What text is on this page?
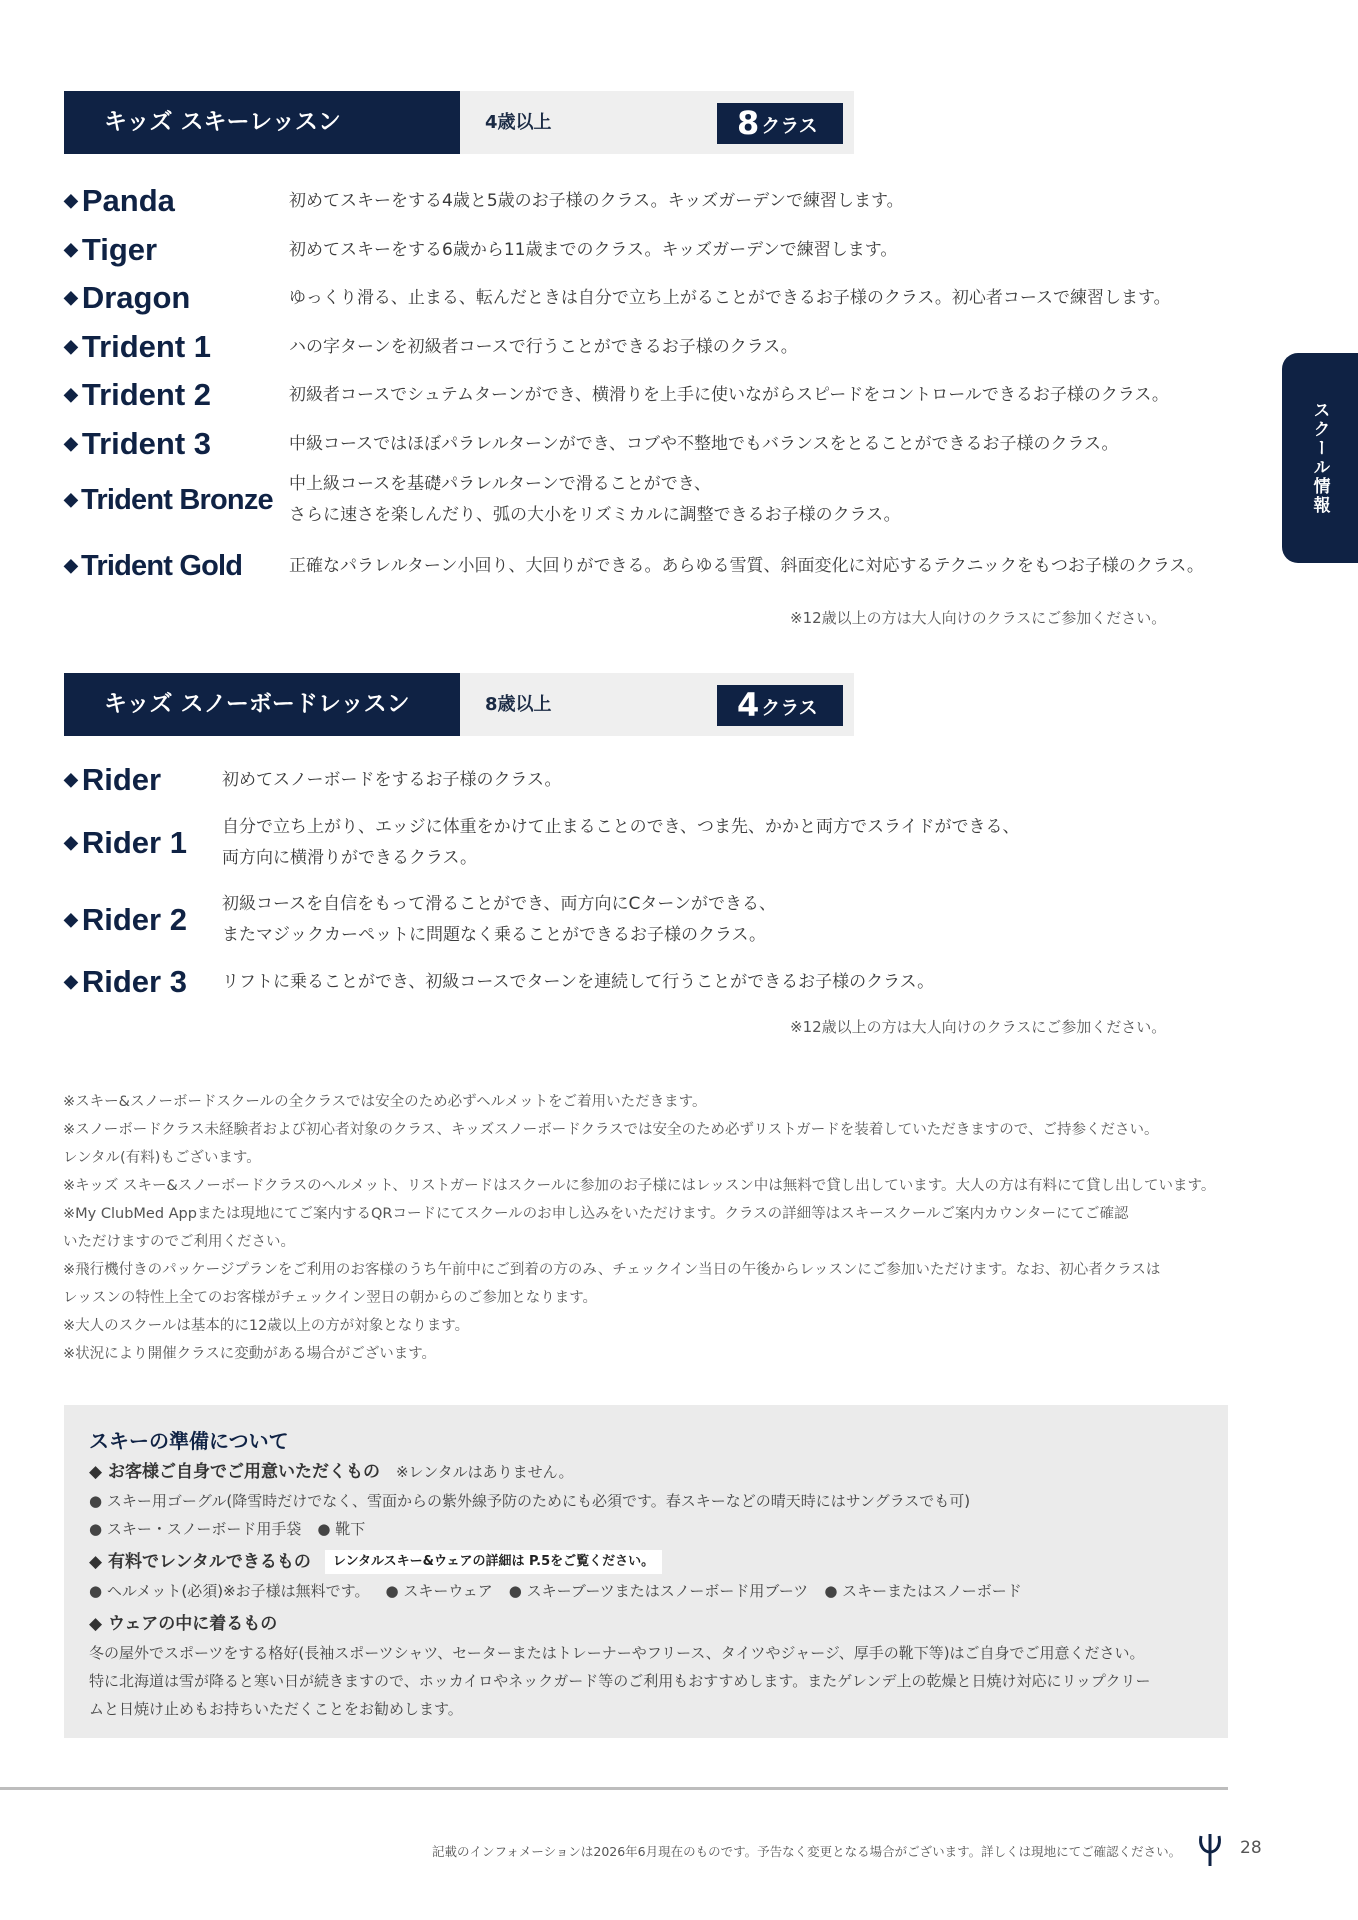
キッズ スキーレッスン	4歳以上	8 クラス
◆ Panda	初めてスキーをする4歳と5歳のお子様のクラス。キッズガーデンで練習します。
◆ Tiger	初めてスキーをする6歳から11歳までのクラス。キッズガーデンで練習します。
◆ Dragon	ゆっくり滑る、止まる、転んだときは自分で立ち上がることができるお子様のクラス。初心者コースで練習します。
◆ Trident 1	ハの字ターンを初級者コースで行うことができるお子様のクラス。
◆ Trident 2	初級者コースでシュテムターンができ、横滑りを上手に使いながらスピードをコントロールできるお子様のクラス。
◆ Trident 3	中級コースではほぼパラレルターンができ、コブや不整地でもバランスをとることができるお子様のクラス。
◆ Trident Bronze 中上級コースを基礎パラレルターンで滑ることができ、
さらに速さを楽しんだり、弧の大小をリズミカルに調整できるお子様のクラス。
◆ Trident Gold	正確なパラレルターン小回り、大回りができる。あらゆる雪質、斜面変化に対応するテクニックをもつお子様のクラス。
※12歳以上の方は大人向けのクラスにご参加ください。
キッズ スノーボードレッスン	8歳以上	4 クラス
◆ Rider	初めてスノーボードをするお子様のクラス。
◆ Rider 1 自分で立ち上がり、エッジに体重をかけて止まることのでき、つま先、かかと両方でスライドができる、
両方向に横滑りができるクラス。
◆ Rider 2 初級コースを自信をもって滑ることができ、両方向にCターンができる、
またマジックカーペットに問題なく乗ることができるお子様のクラス。
◆ Rider 3 リフトに乗ることができ、初級コースでターンを連続して行うことができるお子様のクラス。
※12歳以上の方は大人向けのクラスにご参加ください。
※スキー&スノーボードスクールの全クラスでは安全のため必ずヘルメットをご着用いただきます。
※スノーボードクラス未経験者および初心者対象のクラス、キッズスノーボードクラスでは安全のため必ずリストガードを装着していただきますので、ご持参ください。
レンタル(有料)もございます。
※キッズ スキー&スノーボードクラスのヘルメット、リストガードはスクールに参加のお子様にはレッスン中は無料で貸し出しています。大人の方は有料にて貸し出しています。
※My ClubMed Appまたは現地にてご案内するQRコードにてスクールのお申し込みをいただけます。クラスの詳細等はスキースクールご案内カウンターにてご確認
いただけますのでご利用ください。
※飛行機付きのパッケージプランをご利用のお客様のうち午前中にご到着の方のみ、チェックイン当日の午後からレッスンにご参加いただけます。なお、初心者クラスは
レッスンの特性上全てのお客様がチェックイン翌日の朝からのご参加となります。
※大人のスクールは基本的に12歳以上の方が対象となります。
※状況により開催クラスに変動がある場合がございます。
スキーの準備について
◆ お客様ご自身でご用意いただくもの ※レンタルはありません。
● スキー用ゴーグル(降雪時だけでなく、雪面からの紫外線予防のためにも必須です。春スキーなどの晴天時にはサングラスでも可)
● スキー・スノーボード用手袋 ● 靴下
◆ 有料でレンタルできるもの レンタルスキー&ウェアの詳細は P.5をご覧ください。
● ヘルメット(必須)※お子様は無料です。 ● スキーウェア ● スキーブーツまたはスノーボード用ブーツ ● スキーまたはスノーボード
◆ ウェアの中に着るもの
冬の屋外でスポーツをする格好(長袖スポーツシャツ、セーターまたはトレーナーやフリース、タイツやジャージ、厚手の靴下等)はご自身でご用意ください。
特に北海道は雪が降ると寒い日が続きますので、ホッカイロやネックガード等のご利用もおすすめします。またゲレンデ上の乾燥と日焼け対応にリップクリー
ムと日焼け止めもお持ちいただくことをお勧めします。
スクール情報
記載のインフォメーションは2026年6月現在のものです。予告なく変更となる場合がございます。詳しくは現地にてご確認ください。	28
